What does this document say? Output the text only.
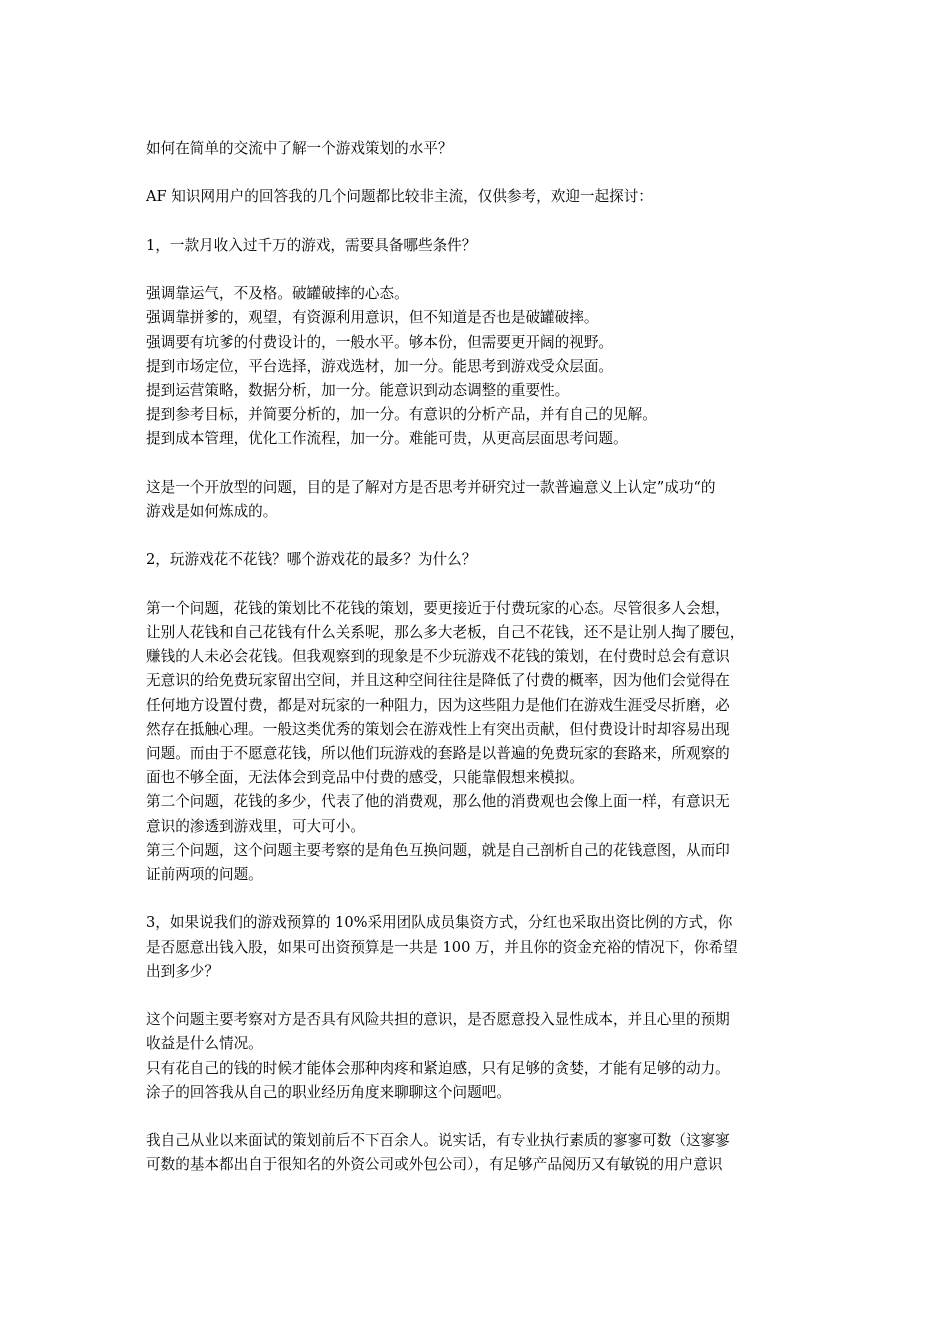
如何在简单的交流中了解一个游戏策划的水平？

AF 知识网用户的回答我的几个问题都比较非主流，仅供参考，欢迎一起探讨：

1，一款月收入过千万的游戏，需要具备哪些条件？

强调靠运气，不及格。破罐破摔的心态。
强调靠拼爹的，观望，有资源利用意识，但不知道是否也是破罐破摔。
强调要有坑爹的付费设计的，一般水平。够本份，但需要更开阔的视野。
提到市场定位，平台选择，游戏选材，加一分。能思考到游戏受众层面。
提到运营策略，数据分析，加一分。能意识到动态调整的重要性。
提到参考目标，并简要分析的，加一分。有意识的分析产品，并有自己的见解。
提到成本管理，优化工作流程，加一分。难能可贵，从更高层面思考问题。
这是一个开放型的问题，目的是了解对方是否思考并研究过一款普遍意义上认定”成功“的
游戏是如何炼成的。

2，玩游戏花不花钱？哪个游戏花的最多？为什么？

第一个问题，花钱的策划比不花钱的策划，要更接近于付费玩家的心态。尽管很多人会想，
让别人花钱和自己花钱有什么关系呢，那么多大老板，自己不花钱，还不是让别人掏了腰包，
赚钱的人未必会花钱。但我观察到的现象是不少玩游戏不花钱的策划，在付费时总会有意识
无意识的给免费玩家留出空间，并且这种空间往往是降低了付费的概率，因为他们会觉得在
任何地方设置付费，都是对玩家的一种阻力，因为这些阻力是他们在游戏生涯受尽折磨，必
然存在抵触心理。一般这类优秀的策划会在游戏性上有突出贡献，但付费设计时却容易出现
问题。而由于不愿意花钱，所以他们玩游戏的套路是以普遍的免费玩家的套路来，所观察的
面也不够全面，无法体会到竞品中付费的感受，只能靠假想来模拟。
第二个问题，花钱的多少，代表了他的消费观，那么他的消费观也会像上面一样，有意识无
意识的渗透到游戏里，可大可小。
第三个问题，这个问题主要考察的是角色互换问题，就是自己剖析自己的花钱意图，从而印
证前两项的问题。
3，如果说我们的游戏预算的 10%采用团队成员集资方式，分红也采取出资比例的方式，你
是否愿意出钱入股，如果可出资预算是一共是 100 万，并且你的资金充裕的情况下，你希望
出到多少？
这个问题主要考察对方是否具有风险共担的意识，是否愿意投入显性成本，并且心里的预期
收益是什么情况。
只有花自己的钱的时候才能体会那种肉疼和紧迫感，只有足够的贪婪，才能有足够的动力。
涂子的回答我从自己的职业经历角度来聊聊这个问题吧。
我自己从业以来面试的策划前后不下百余人。说实话，有专业执行素质的寥寥可数（这寥寥
可数的基本都出自于很知名的外资公司或外包公司），有足够产品阅历又有敏锐的用户意识
